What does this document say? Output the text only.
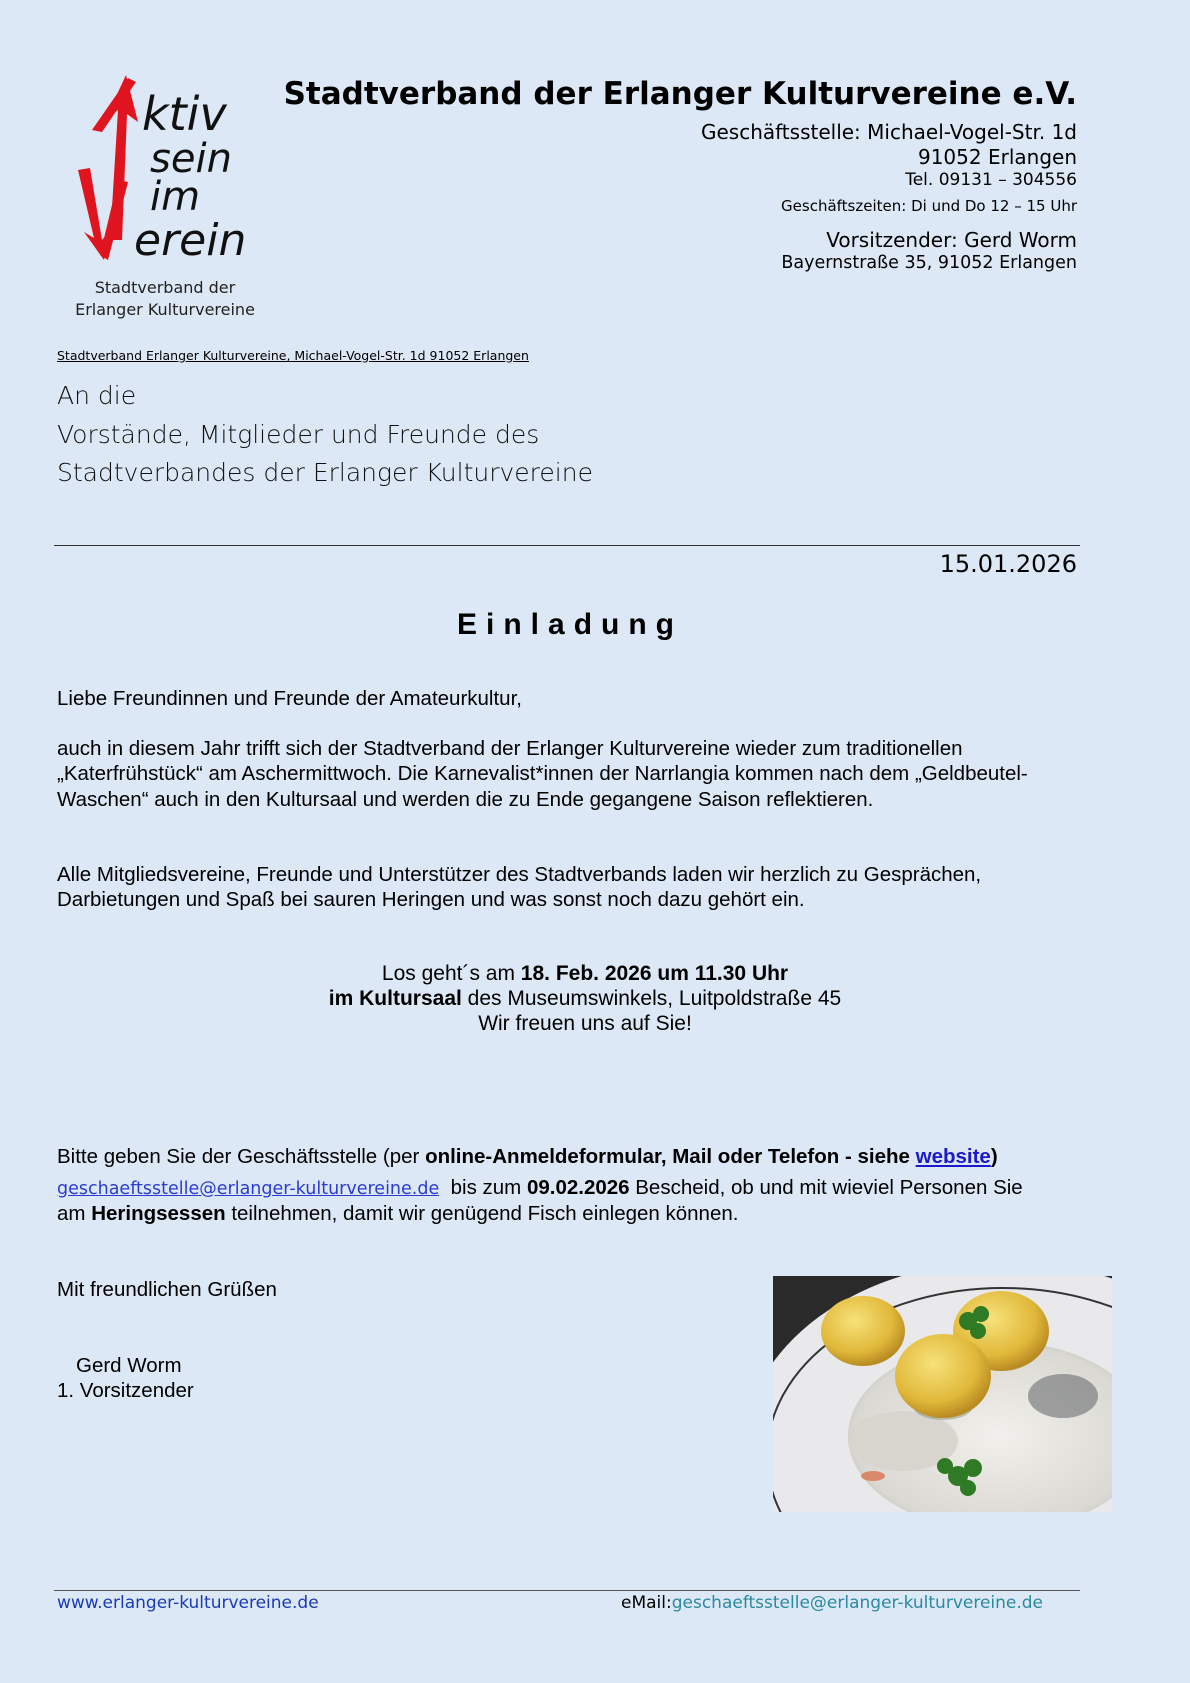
ktiv
sein
im
erein
Stadtverband der
Erlanger Kulturvereine
Stadtverband der Erlanger Kulturvereine e.V.
Geschäftsstelle: Michael-Vogel-Str. 1d
91052 Erlangen
Tel. 09131 – 304556
Geschäftszeiten: Di und Do 12 – 15 Uhr
Vorsitzender: Gerd Worm
Bayernstraße 35, 91052 Erlangen
Stadtverband Erlanger Kulturvereine, Michael-Vogel-Str. 1d 91052 Erlangen
An die
Vorstände, Mitglieder und Freunde des
Stadtverbandes der Erlanger Kulturvereine
15.01.2026
Einladung
Liebe Freundinnen und Freunde der Amateurkultur,
auch in diesem Jahr trifft sich der Stadtverband der Erlanger Kulturvereine wieder zum traditionellen
„Katerfrühstück“ am Aschermittwoch. Die Karnevalist*innen der Narrlangia kommen nach dem „Geldbeutel-
Waschen“ auch in den Kultursaal und werden die zu Ende gegangene Saison reflektieren.
Alle Mitgliedsvereine, Freunde und Unterstützer des Stadtverbands laden wir herzlich zu Gesprächen,
Darbietungen und Spaß bei sauren Heringen und was sonst noch dazu gehört ein.
Los geht´s am 18. Feb. 2026 um 11.30 Uhr
im Kultursaal des Museumswinkels, Luitpoldstraße 45
Wir freuen uns auf Sie!
Bitte geben Sie der Geschäftsstelle (per online-Anmeldeformular, Mail oder Telefon - siehe website)
geschaeftsstelle@erlanger-kulturvereine.de  bis zum 09.02.2026 Bescheid, ob und mit wieviel Personen Sie
am Heringsessen teilnehmen, damit wir genügend Fisch einlegen können.
Mit freundlichen Grüßen
Gerd Worm
1. Vorsitzender
www.erlanger-kulturvereine.de	eMail:geschaeftsstelle@erlanger-kulturvereine.de
